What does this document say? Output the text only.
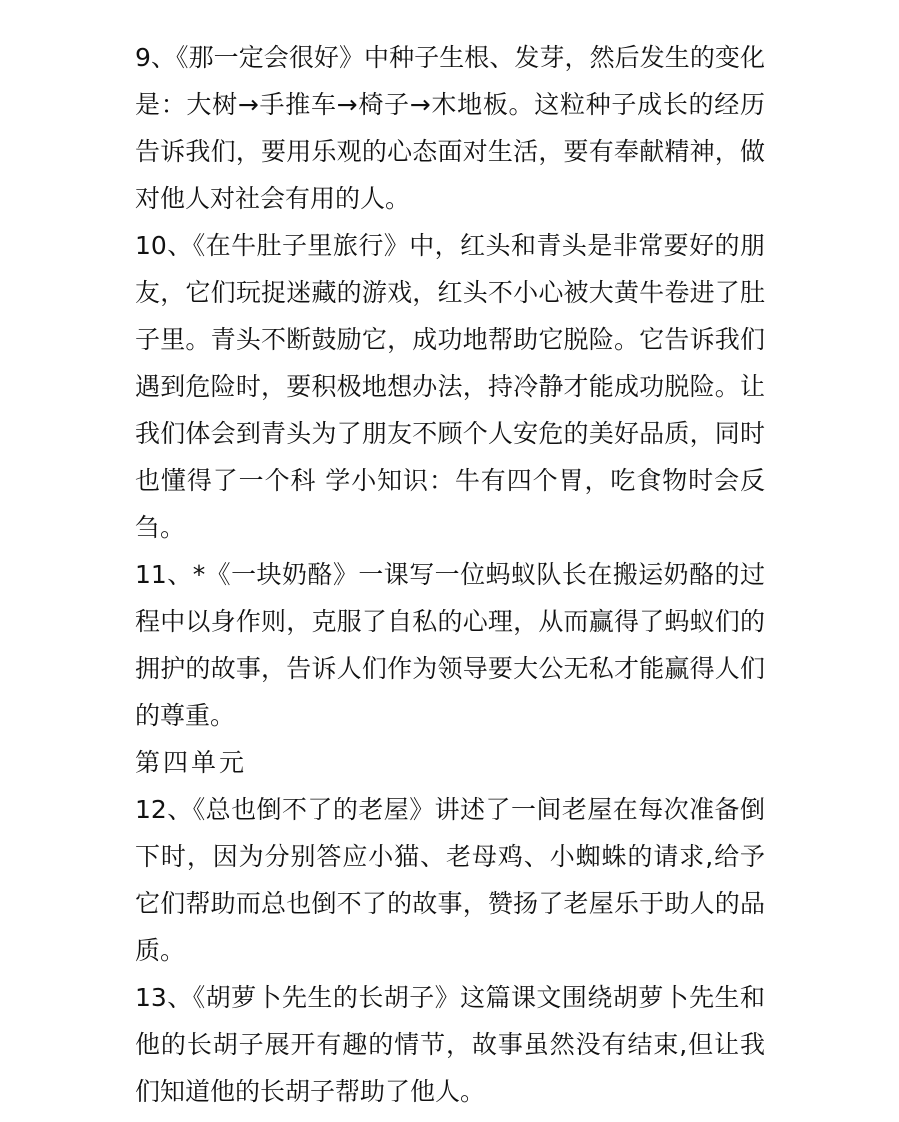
9、《那一定会很好》中种子生根、发芽，然后发生的变化是：大树→手推车→椅子→木地板。这粒种子成长的经历告诉我们，要用乐观的心态面对生活，要有奉献精神，做对他人对社会有用的人。

10、《在牛肚子里旅行》中，红头和青头是非常要好的朋友，它们玩捉迷藏的游戏，红头不小心被大黄牛卷进了肚子里。青头不断鼓励它，成功地帮助它脱险。它告诉我们遇到危险时，要积极地想办法，持冷静才能成功脱险。让我们体会到青头为了朋友不顾个人安危的美好品质，同时也懂得了一个科 学小知识：牛有四个胃，吃食物时会反刍。

11、*《一块奶酪》一课写一位蚂蚁队长在搬运奶酪的过程中以身作则，克服了自私的心理，从而赢得了蚂蚁们的拥护的故事，告诉人们作为领导要大公无私才能赢得人们的尊重。

第四单元

12、《总也倒不了的老屋》讲述了一间老屋在每次准备倒下时，因为分别答应小猫、老母鸡、小蜘蛛的请求,给予它们帮助而总也倒不了的故事，赞扬了老屋乐于助人的品质。

13、《胡萝卜先生的长胡子》这篇课文围绕胡萝卜先生和他的长胡子展开有趣的情节，故事虽然没有结束,但让我们知道他的长胡子帮助了他人。
